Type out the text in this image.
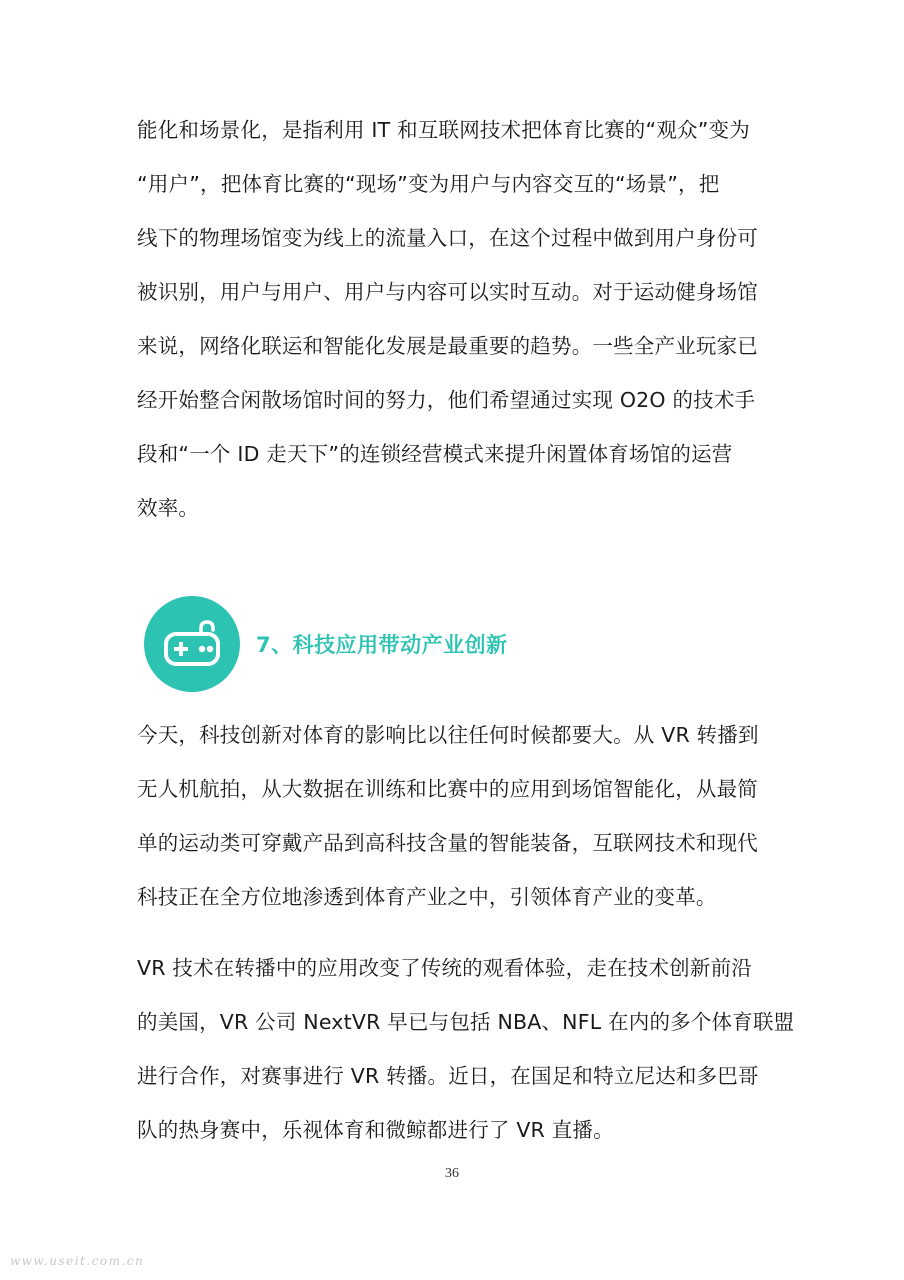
能化和场景化，是指利用 IT 和互联网技术把体育比赛的“观众”变为
“用户”，把体育比赛的“现场”变为用户与内容交互的“场景”，把
线下的物理场馆变为线上的流量入口，在这个过程中做到用户身份可
被识别，用户与用户、用户与内容可以实时互动。对于运动健身场馆
来说，网络化联运和智能化发展是最重要的趋势。一些全产业玩家已
经开始整合闲散场馆时间的努力，他们希望通过实现 O2O 的技术手
段和“一个 ID 走天下”的连锁经营模式来提升闲置体育场馆的运营
效率。

7、科技应用带动产业创新

今天，科技创新对体育的影响比以往任何时候都要大。从 VR 转播到
无人机航拍，从大数据在训练和比赛中的应用到场馆智能化，从最简
单的运动类可穿戴产品到高科技含量的智能装备，互联网技术和现代
科技正在全方位地渗透到体育产业之中，引领体育产业的变革。

VR 技术在转播中的应用改变了传统的观看体验，走在技术创新前沿
的美国，VR 公司 NextVR 早已与包括 NBA、NFL 在内的多个体育联盟
进行合作，对赛事进行 VR 转播。近日，在国足和特立尼达和多巴哥
队的热身赛中，乐视体育和微鲸都进行了 VR 直播。

36
www.useit.com.cn
